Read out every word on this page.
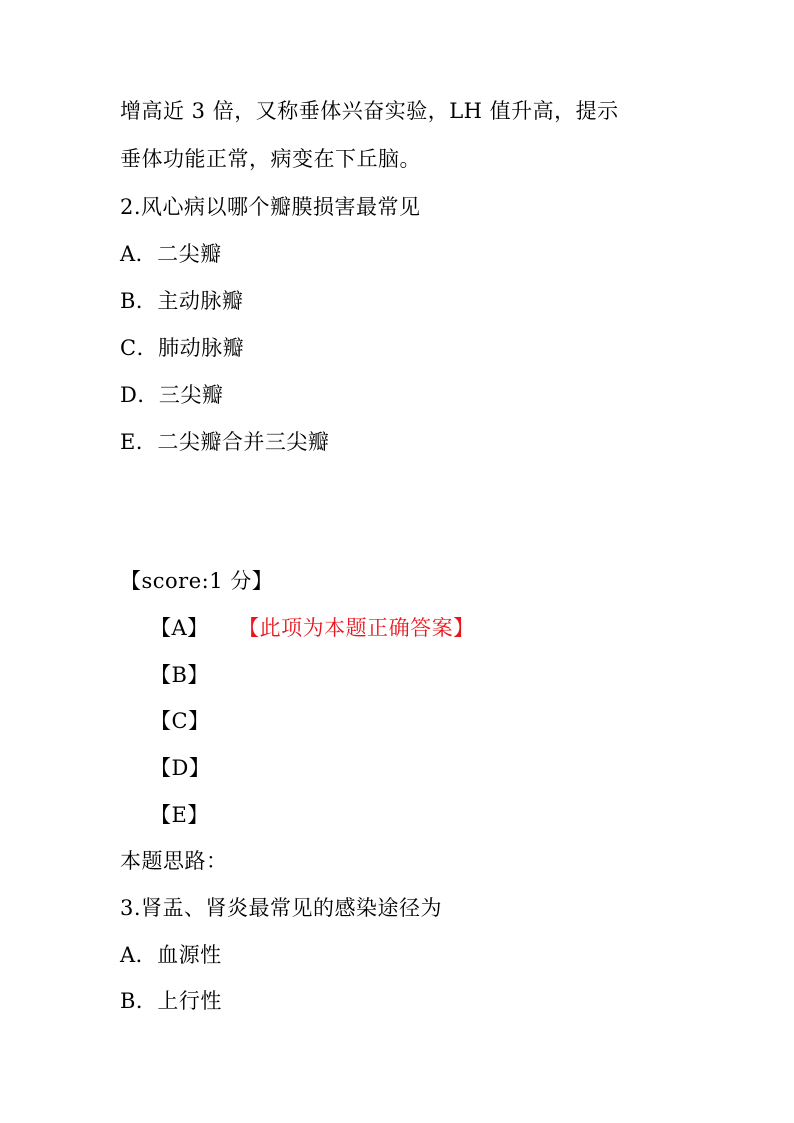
增高近 3 倍，又称垂体兴奋实验，LH 值升高，提示
垂体功能正常，病变在下丘脑。
2.风心病以哪个瓣膜损害最常见
A．二尖瓣
B．主动脉瓣
C．肺动脉瓣
D．三尖瓣
E．二尖瓣合并三尖瓣
【score:1 分】
【A】 【此项为本题正确答案】
【B】
【C】
【D】
【E】
本题思路：
3.肾盂、肾炎最常见的感染途径为
A．血源性
B．上行性
